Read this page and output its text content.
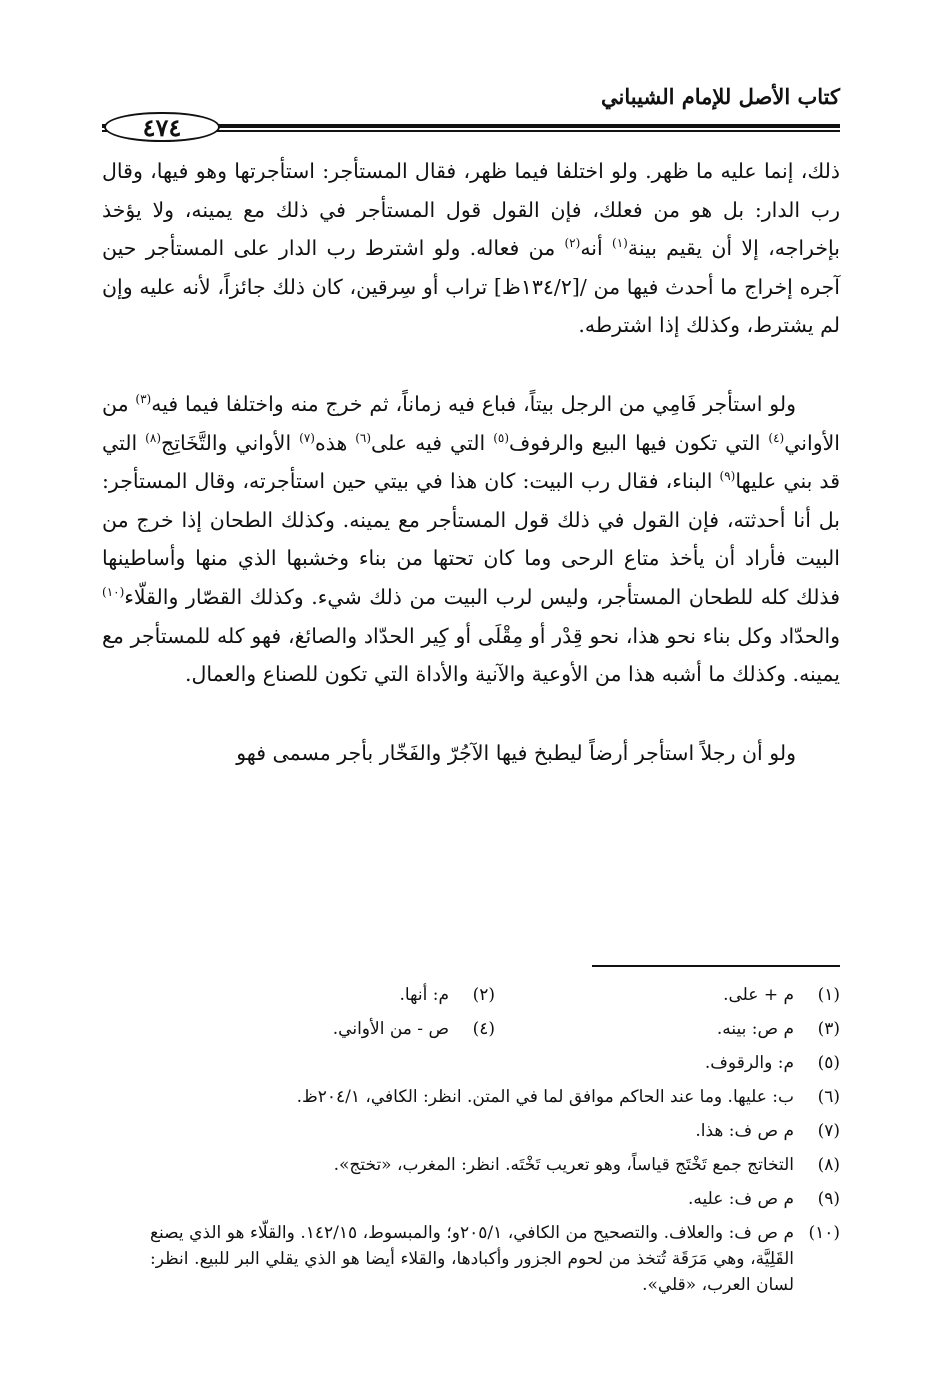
كتاب الأصل للإمام الشيباني
٤٧٤

ذلك، إنما عليه ما ظهر. ولو اختلفا فيما ظهر، فقال المستأجر: استأجرتها وهو فيها، وقال رب الدار: بل هو من فعلك، فإن القول قول المستأجر في ذلك مع يمينه، ولا يؤخذ بإخراجه، إلا أن يقيم بينة$^{(١)}$ أنه$^{(٢)}$ من فعاله. ولو اشترط رب الدار على المستأجر حين آجره إخراج ما أحدث فيها من /[١٣٤/٢ظ] تراب أو سِرقين، كان ذلك جائزاً، لأنه عليه وإن لم يشترط، وكذلك إذا اشترطه.

ولو استأجر فَامِي من الرجل بيتاً، فباع فيه زماناً، ثم خرج منه واختلفا فيما فيه$^{(٣)}$ من الأواني$^{(٤)}$ التي تكون فيها البيع والرفوف$^{(٥)}$ التي فيه على$^{(٦)}$ هذه$^{(٧)}$ الأواني والتَّخَاتِج$^{(٨)}$ التي قد بني عليها$^{(٩)}$ البناء، فقال رب البيت: كان هذا في بيتي حين استأجرته، وقال المستأجر: بل أنا أحدثته، فإن القول في ذلك قول المستأجر مع يمينه. وكذلك الطحان إذا خرج من البيت فأراد أن يأخذ متاع الرحى وما كان تحتها من بناء وخشبها الذي منها وأساطينها فذلك كله للطحان المستأجر، وليس لرب البيت من ذلك شيء. وكذلك القصّار والقلّاء$^{(١٠)}$ والحدّاد وكل بناء نحو هذا، نحو قِدْر أو مِقْلَى أو كِير الحدّاد والصائغ، فهو كله للمستأجر مع يمينه. وكذلك ما أشبه هذا من الأوعية والآنية والأداة التي تكون للصناع والعمال.

ولو أن رجلاً استأجر أرضاً ليطبخ فيها الآجُرّ والفَخّار بأجر مسمى فهو

(١)
م + على.
(٢)
م: أنها.
(٣)
م ص: بينه.
(٤)
ص - من الأواني.
(٥)
م: والرقوف.
(٦)
ب: عليها. وما عند الحاكم موافق لما في المتن. انظر: الكافي، ٢٠٤/١ظ.
(٧)
م ص ف: هذا.
(٨)
التخاتج جمع تَخْتَج قياساً، وهو تعريب تَخْتَه. انظر: المغرب، «تختج».
(٩)
م ص ف: عليه.
(١٠)
م ص ف: والعلاف. والتصحيح من الكافي، ٢٠٥/١و؛ والمبسوط، ١٤٢/١٥. والقلّاء هو الذي يصنع القَلِيَّة، وهي مَرَقَة تُتخذ من لحوم الجزور وأكبادها، والقلاء أيضا هو الذي يقلي البر للبيع. انظر: لسان العرب، «قلي».
